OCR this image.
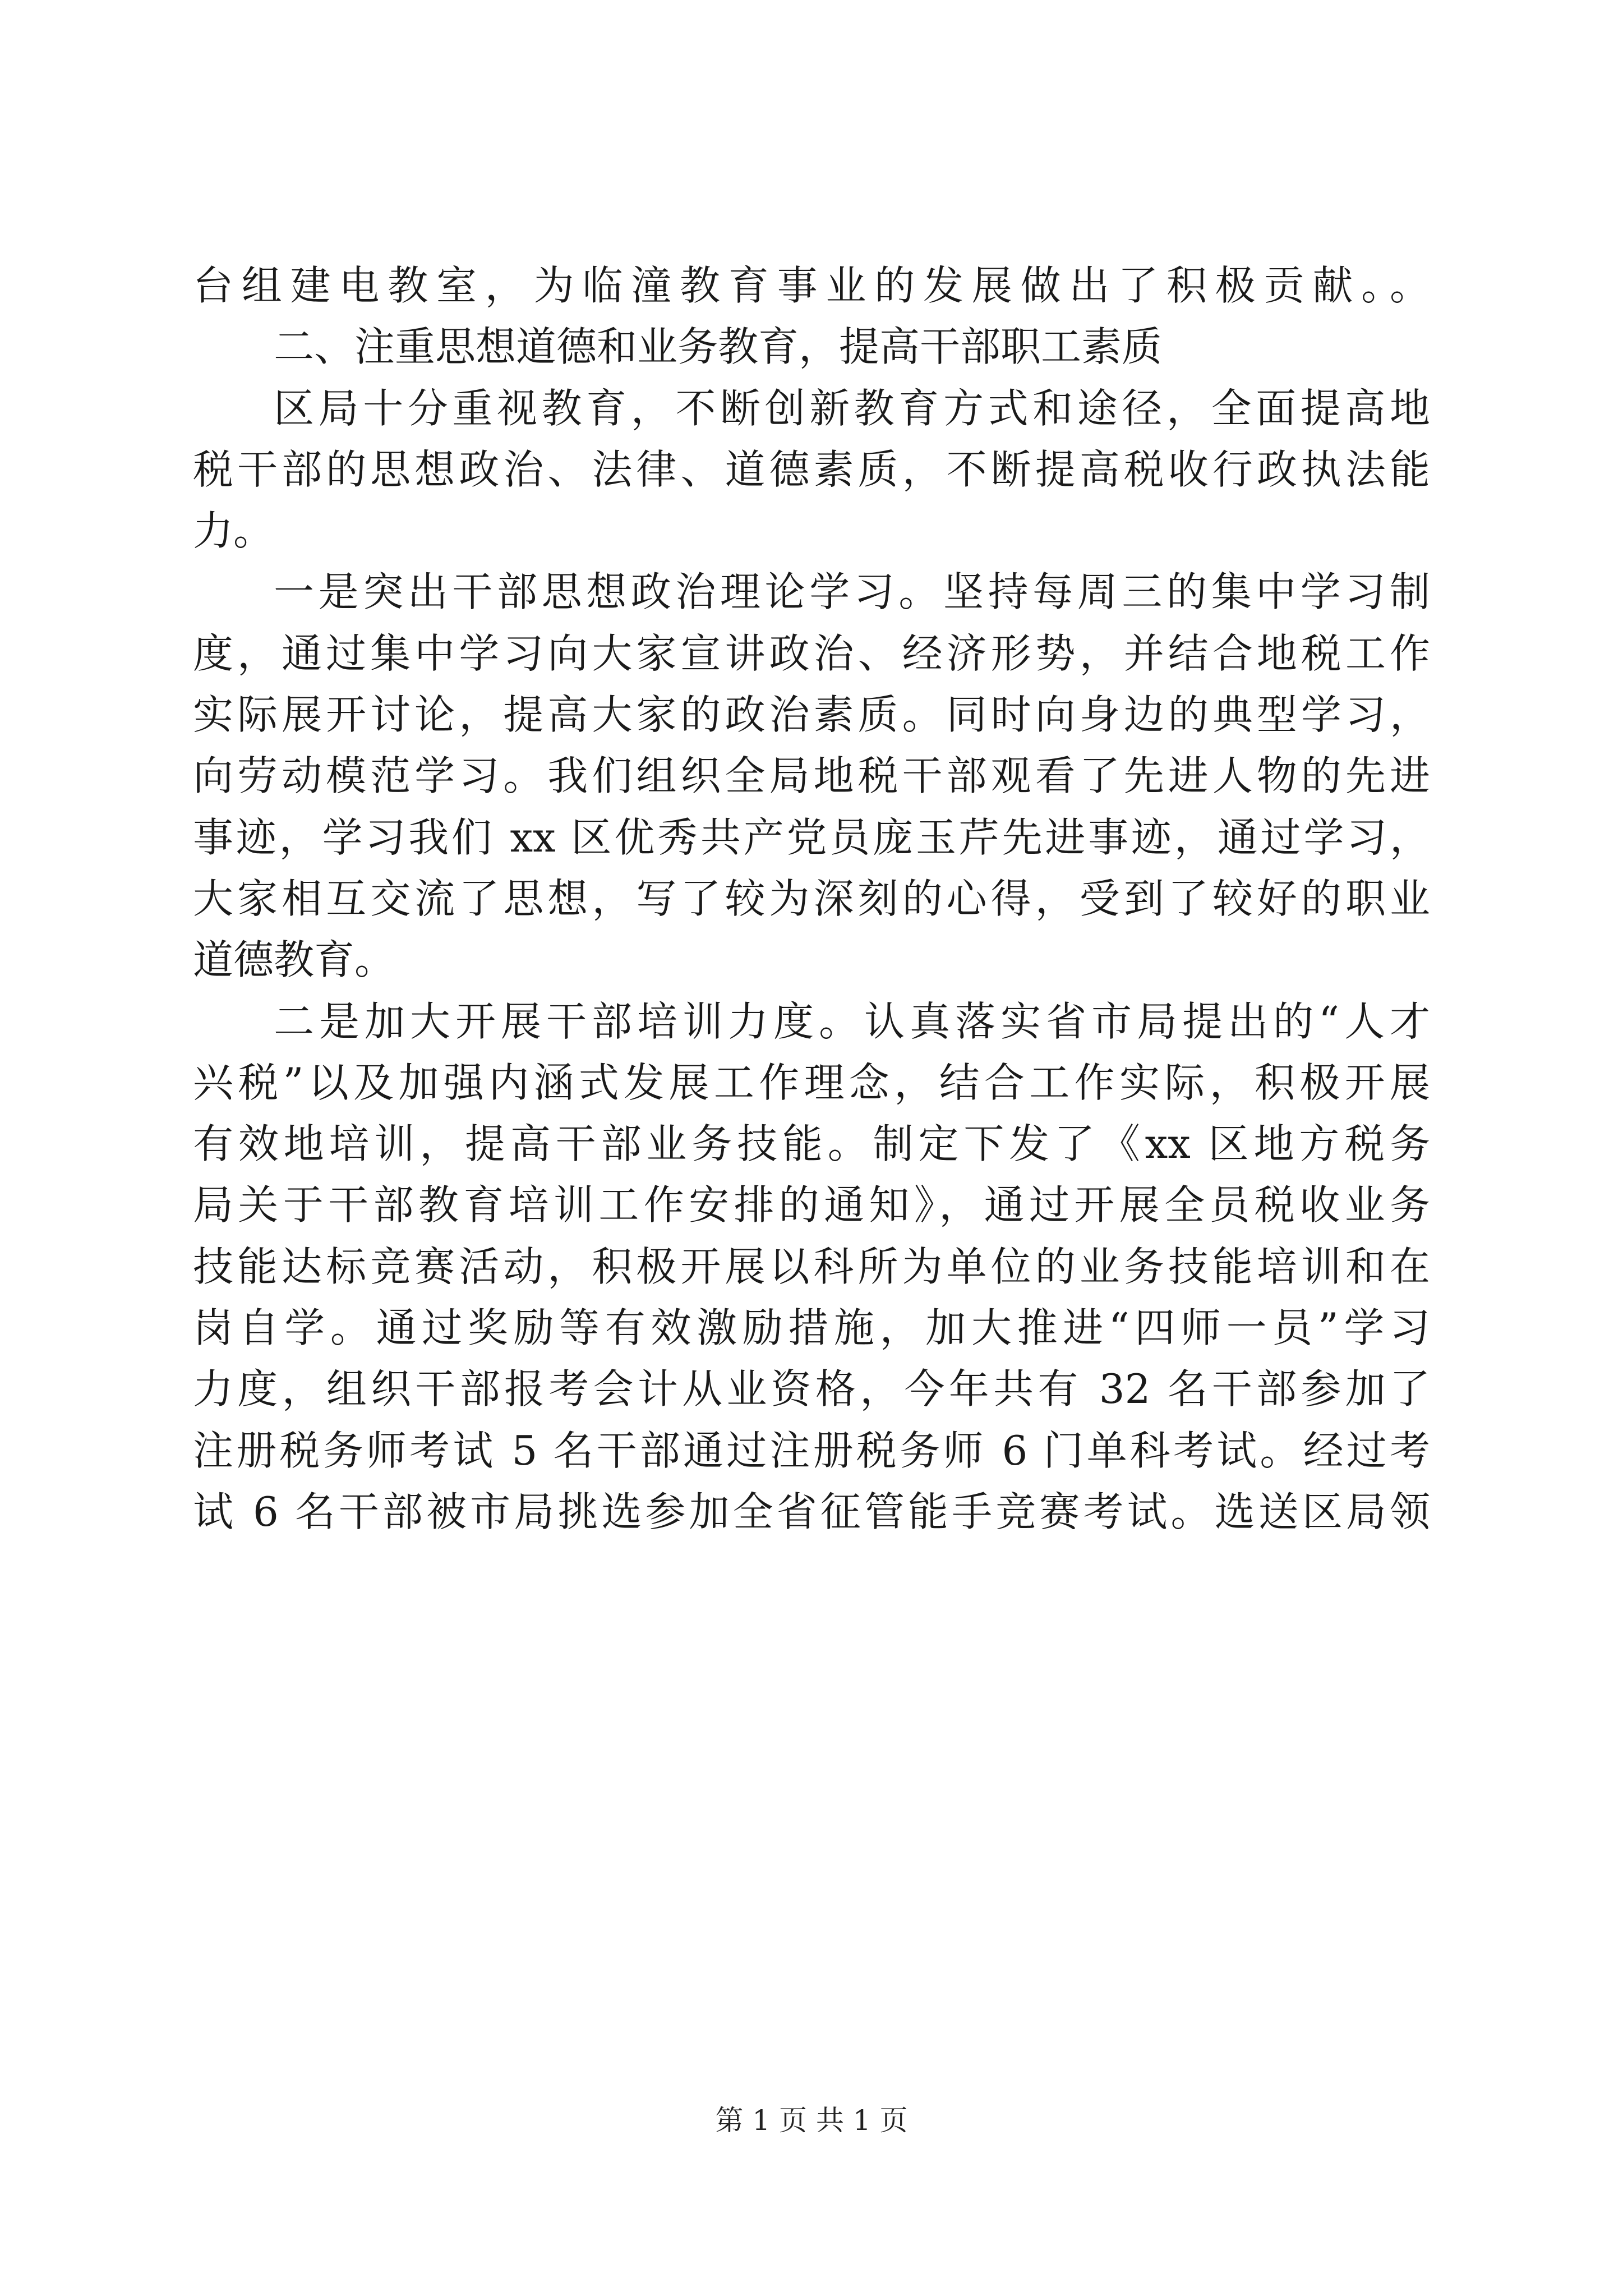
台组建电教室，为临潼教育事业的发展做出了积极贡献。。
二、注重思想道德和业务教育，提高干部职工素质
区局十分重视教育，不断创新教育方式和途径，全面提高地
税干部的思想政治、法律、道德素质，不断提高税收行政执法能
力。
一是突出干部思想政治理论学习。坚持每周三的集中学习制
度，通过集中学习向大家宣讲政治、经济形势，并结合地税工作
实际展开讨论，提高大家的政治素质。同时向身边的典型学习，
向劳动模范学习。我们组织全局地税干部观看了先进人物的先进
事迹，学习我们 xx 区优秀共产党员庞玉芹先进事迹，通过学习，
大家相互交流了思想，写了较为深刻的心得，受到了较好的职业
道德教育。
二是加大开展干部培训力度。认真落实省市局提出的“人才
兴税”以及加强内涵式发展工作理念，结合工作实际，积极开展
有效地培训，提高干部业务技能。制定下发了《xx 区地方税务
局关于干部教育培训工作安排的通知》，通过开展全员税收业务
技能达标竞赛活动，积极开展以科所为单位的业务技能培训和在
岗自学。通过奖励等有效激励措施，加大推进“四师一员”学习
力度，组织干部报考会计从业资格，今年共有 32 名干部参加了
注册税务师考试 5 名干部通过注册税务师 6 门单科考试。经过考
试 6 名干部被市局挑选参加全省征管能手竞赛考试。选送区局领
第 1 页 共 1 页
